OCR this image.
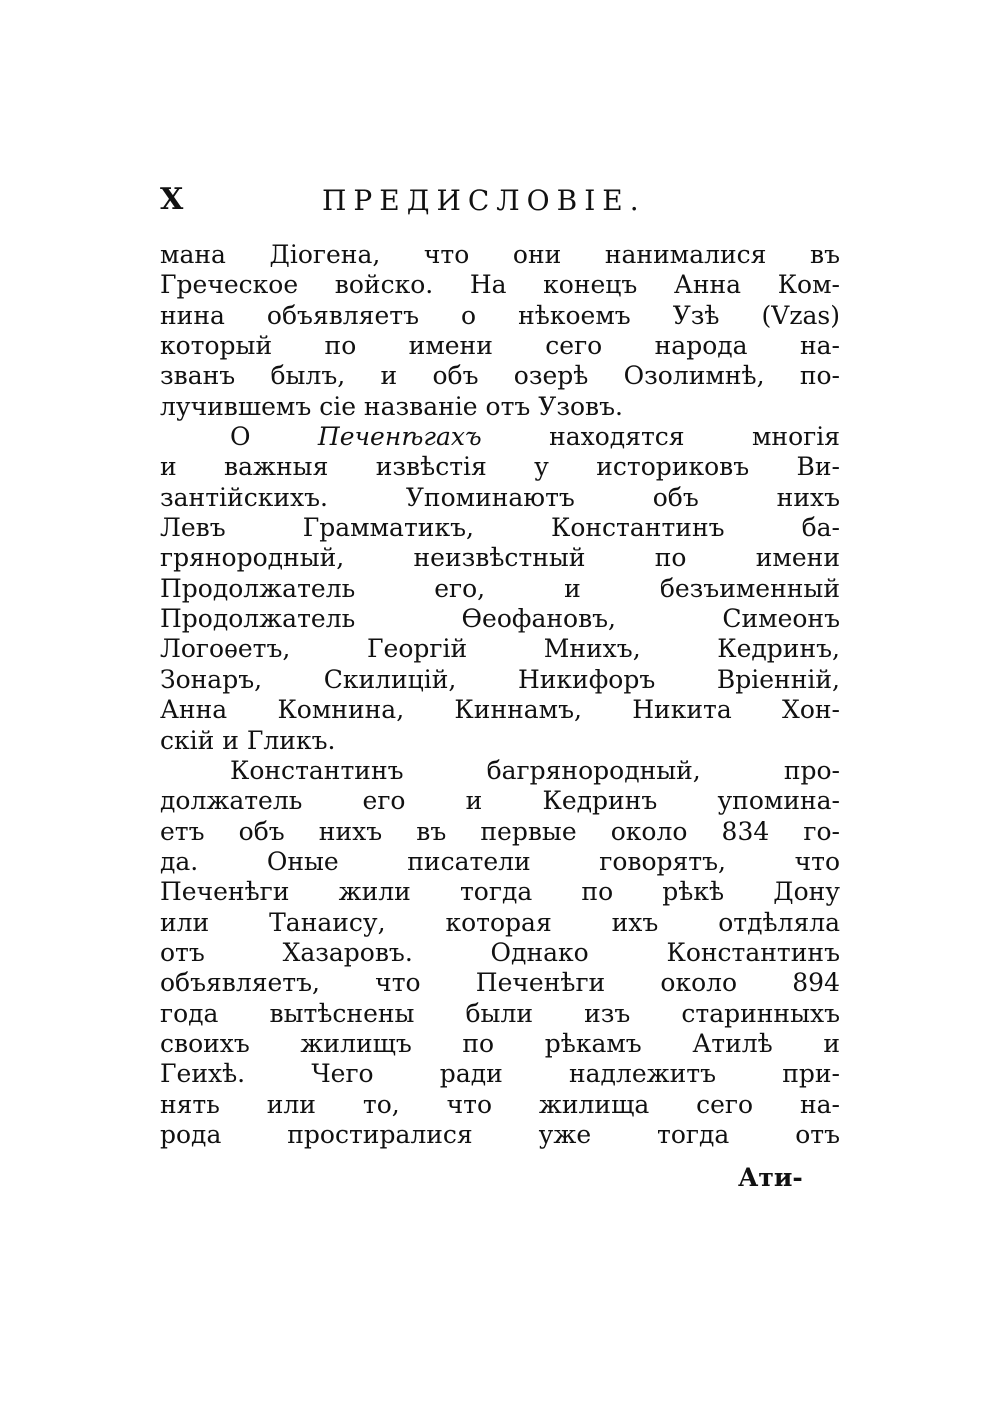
X	ПРЕДИСЛОВIЕ.
мана Дiогена, что они нанималися въ
Греческое войско. На конецъ Анна Ком-
нина объявляетъ о нѣкоемъ Узѣ (Vzas)
который по имени сего народа на-
званъ былъ, и объ озерѣ Озолимнѣ, по-
лучившемъ сiе названiе отъ Узовъ.
О Печенѣгахъ находятся многiя
и важныя извѣстiя у историковъ Ви-
зантiйскихъ. Упоминаютъ объ нихъ
Левъ Грамматикъ, Константинъ ба-
грянородный, неизвѣстный по имени
Продолжатель его, и безъименный
Продолжатель Ѳеофановъ, Симеонъ
Логоѳетъ, Георгiй Мнихъ, Кедринъ,
Зонаръ, Скилицiй, Никифоръ Вріеннiй,
Анна Комнина, Киннамъ, Никита Хон-
скiй и Гликъ.
Константинъ багрянородный, про-
должатель его и Кедринъ упомина-
етъ объ нихъ въ первые около 834 го-
да. Оные писатели говорятъ, что
Печенѣги жили тогда по рѣкѣ Дону
или Танаису, которая ихъ отдѣляла
отъ Хазаровъ. Однако Константинъ
объявляетъ, что Печенѣги около 894
года вытѣснены были изъ старинныхъ
своихъ жилищъ по рѣкамъ Атилѣ и
Геихѣ. Чего ради надлежитъ при-
нять или то, что жилища сего на-
рода простиралися уже тогда отъ
Ати-
